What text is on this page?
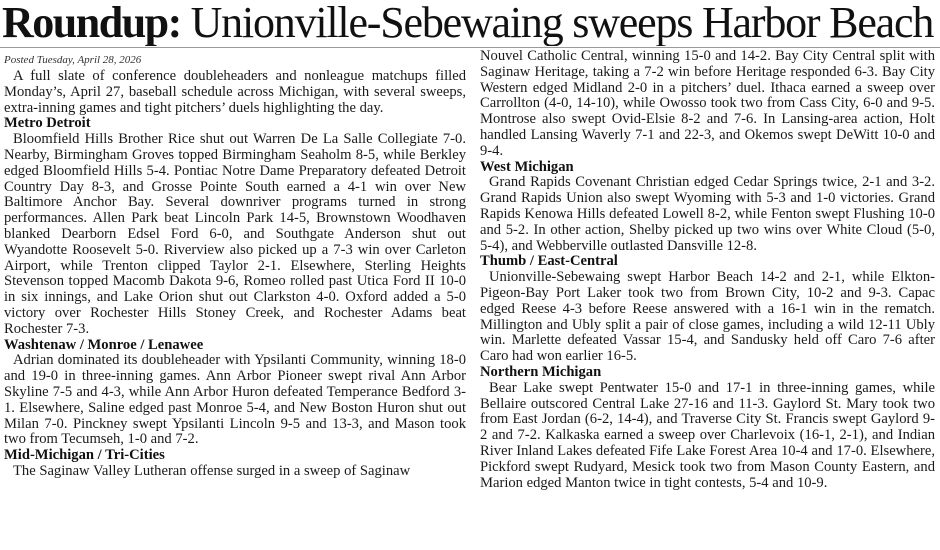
Roundup: Unionville-Sebewaing sweeps Harbor Beach
Posted Tuesday, April 28, 2026

A full slate of conference doubleheaders and nonleague matchups filled Monday’s, April 27, baseball schedule across Michigan, with several sweeps, extra-inning games and tight pitchers’ duels highlighting the day.

Metro Detroit

Bloomfield Hills Brother Rice shut out Warren De La Salle Collegiate 7-0. Nearby, Birmingham Groves topped Birmingham Seaholm 8-5, while Berkley edged Bloomfield Hills 5-4. Pontiac Notre Dame Preparatory defeated Detroit Country Day 8-3, and Grosse Pointe South earned a 4-1 win over New Baltimore Anchor Bay. Several downriver programs turned in strong performances. Allen Park beat Lincoln Park 14-5, Brownstown Woodhaven blanked Dearborn Edsel Ford 6-0, and Southgate Anderson shut out Wyandotte Roosevelt 5-0. Riverview also picked up a 7-3 win over Carleton Airport, while Trenton clipped Taylor 2-1. Elsewhere, Sterling Heights Stevenson topped Macomb Dakota 9-6, Romeo rolled past Utica Ford II 10-0 in six innings, and Lake Orion shut out Clarkston 4-0. Oxford added a 5-0 victory over Rochester Hills Stoney Creek, and Rochester Adams beat Rochester 7-3.

Washtenaw / Monroe / Lenawee

Adrian dominated its doubleheader with Ypsilanti Community, winning 18-0 and 19-0 in three-inning games. Ann Arbor Pioneer swept rival Ann Arbor Skyline 7-5 and 4-3, while Ann Arbor Huron defeated Temperance Bedford 3-1. Elsewhere, Saline edged past Monroe 5-4, and New Boston Huron shut out Milan 7-0. Pinckney swept Ypsilanti Lincoln 9-5 and 13-3, and Mason took two from Tecumseh, 1-0 and 7-2.

Mid-Michigan / Tri-Cities

The Saginaw Valley Lutheran offense surged in a sweep of Saginaw

Nouvel Catholic Central, winning 15-0 and 14-2. Bay City Central split with Saginaw Heritage, taking a 7-2 win before Heritage responded 6-3. Bay City Western edged Midland 2-0 in a pitchers’ duel. Ithaca earned a sweep over Carrollton (4-0, 14-10), while Owosso took two from Cass City, 6-0 and 9-5. Montrose also swept Ovid-Elsie 8-2 and 7-6. In Lansing-area action, Holt handled Lansing Waverly 7-1 and 22-3, and Okemos swept DeWitt 10-0 and 9-4.

West Michigan

Grand Rapids Covenant Christian edged Cedar Springs twice, 2-1 and 3-2. Grand Rapids Union also swept Wyoming with 5-3 and 1-0 victories. Grand Rapids Kenowa Hills defeated Lowell 8-2, while Fenton swept Flushing 10-0 and 5-2. In other action, Shelby picked up two wins over White Cloud (5-0, 5-4), and Webberville outlasted Dansville 12-8.

Thumb / East-Central

Unionville-Sebewaing swept Harbor Beach 14-2 and 2-1, while Elkton-Pigeon-Bay Port Laker took two from Brown City, 10-2 and 9-3. Capac edged Reese 4-3 before Reese answered with a 16-1 win in the rematch. Millington and Ubly split a pair of close games, including a wild 12-11 Ubly win. Marlette defeated Vassar 15-4, and Sandusky held off Caro 7-6 after Caro had won earlier 16-5.

Northern Michigan

Bear Lake swept Pentwater 15-0 and 17-1 in three-inning games, while Bellaire outscored Central Lake 27-16 and 11-3. Gaylord St. Mary took two from East Jordan (6-2, 14-4), and Traverse City St. Francis swept Gaylord 9-2 and 7-2. Kalkaska earned a sweep over Charlevoix (16-1, 2-1), and Indian River Inland Lakes defeated Fife Lake Forest Area 10-4 and 17-0. Elsewhere, Pickford swept Rudyard, Mesick took two from Mason County Eastern, and Marion edged Manton twice in tight contests, 5-4 and 10-9.
